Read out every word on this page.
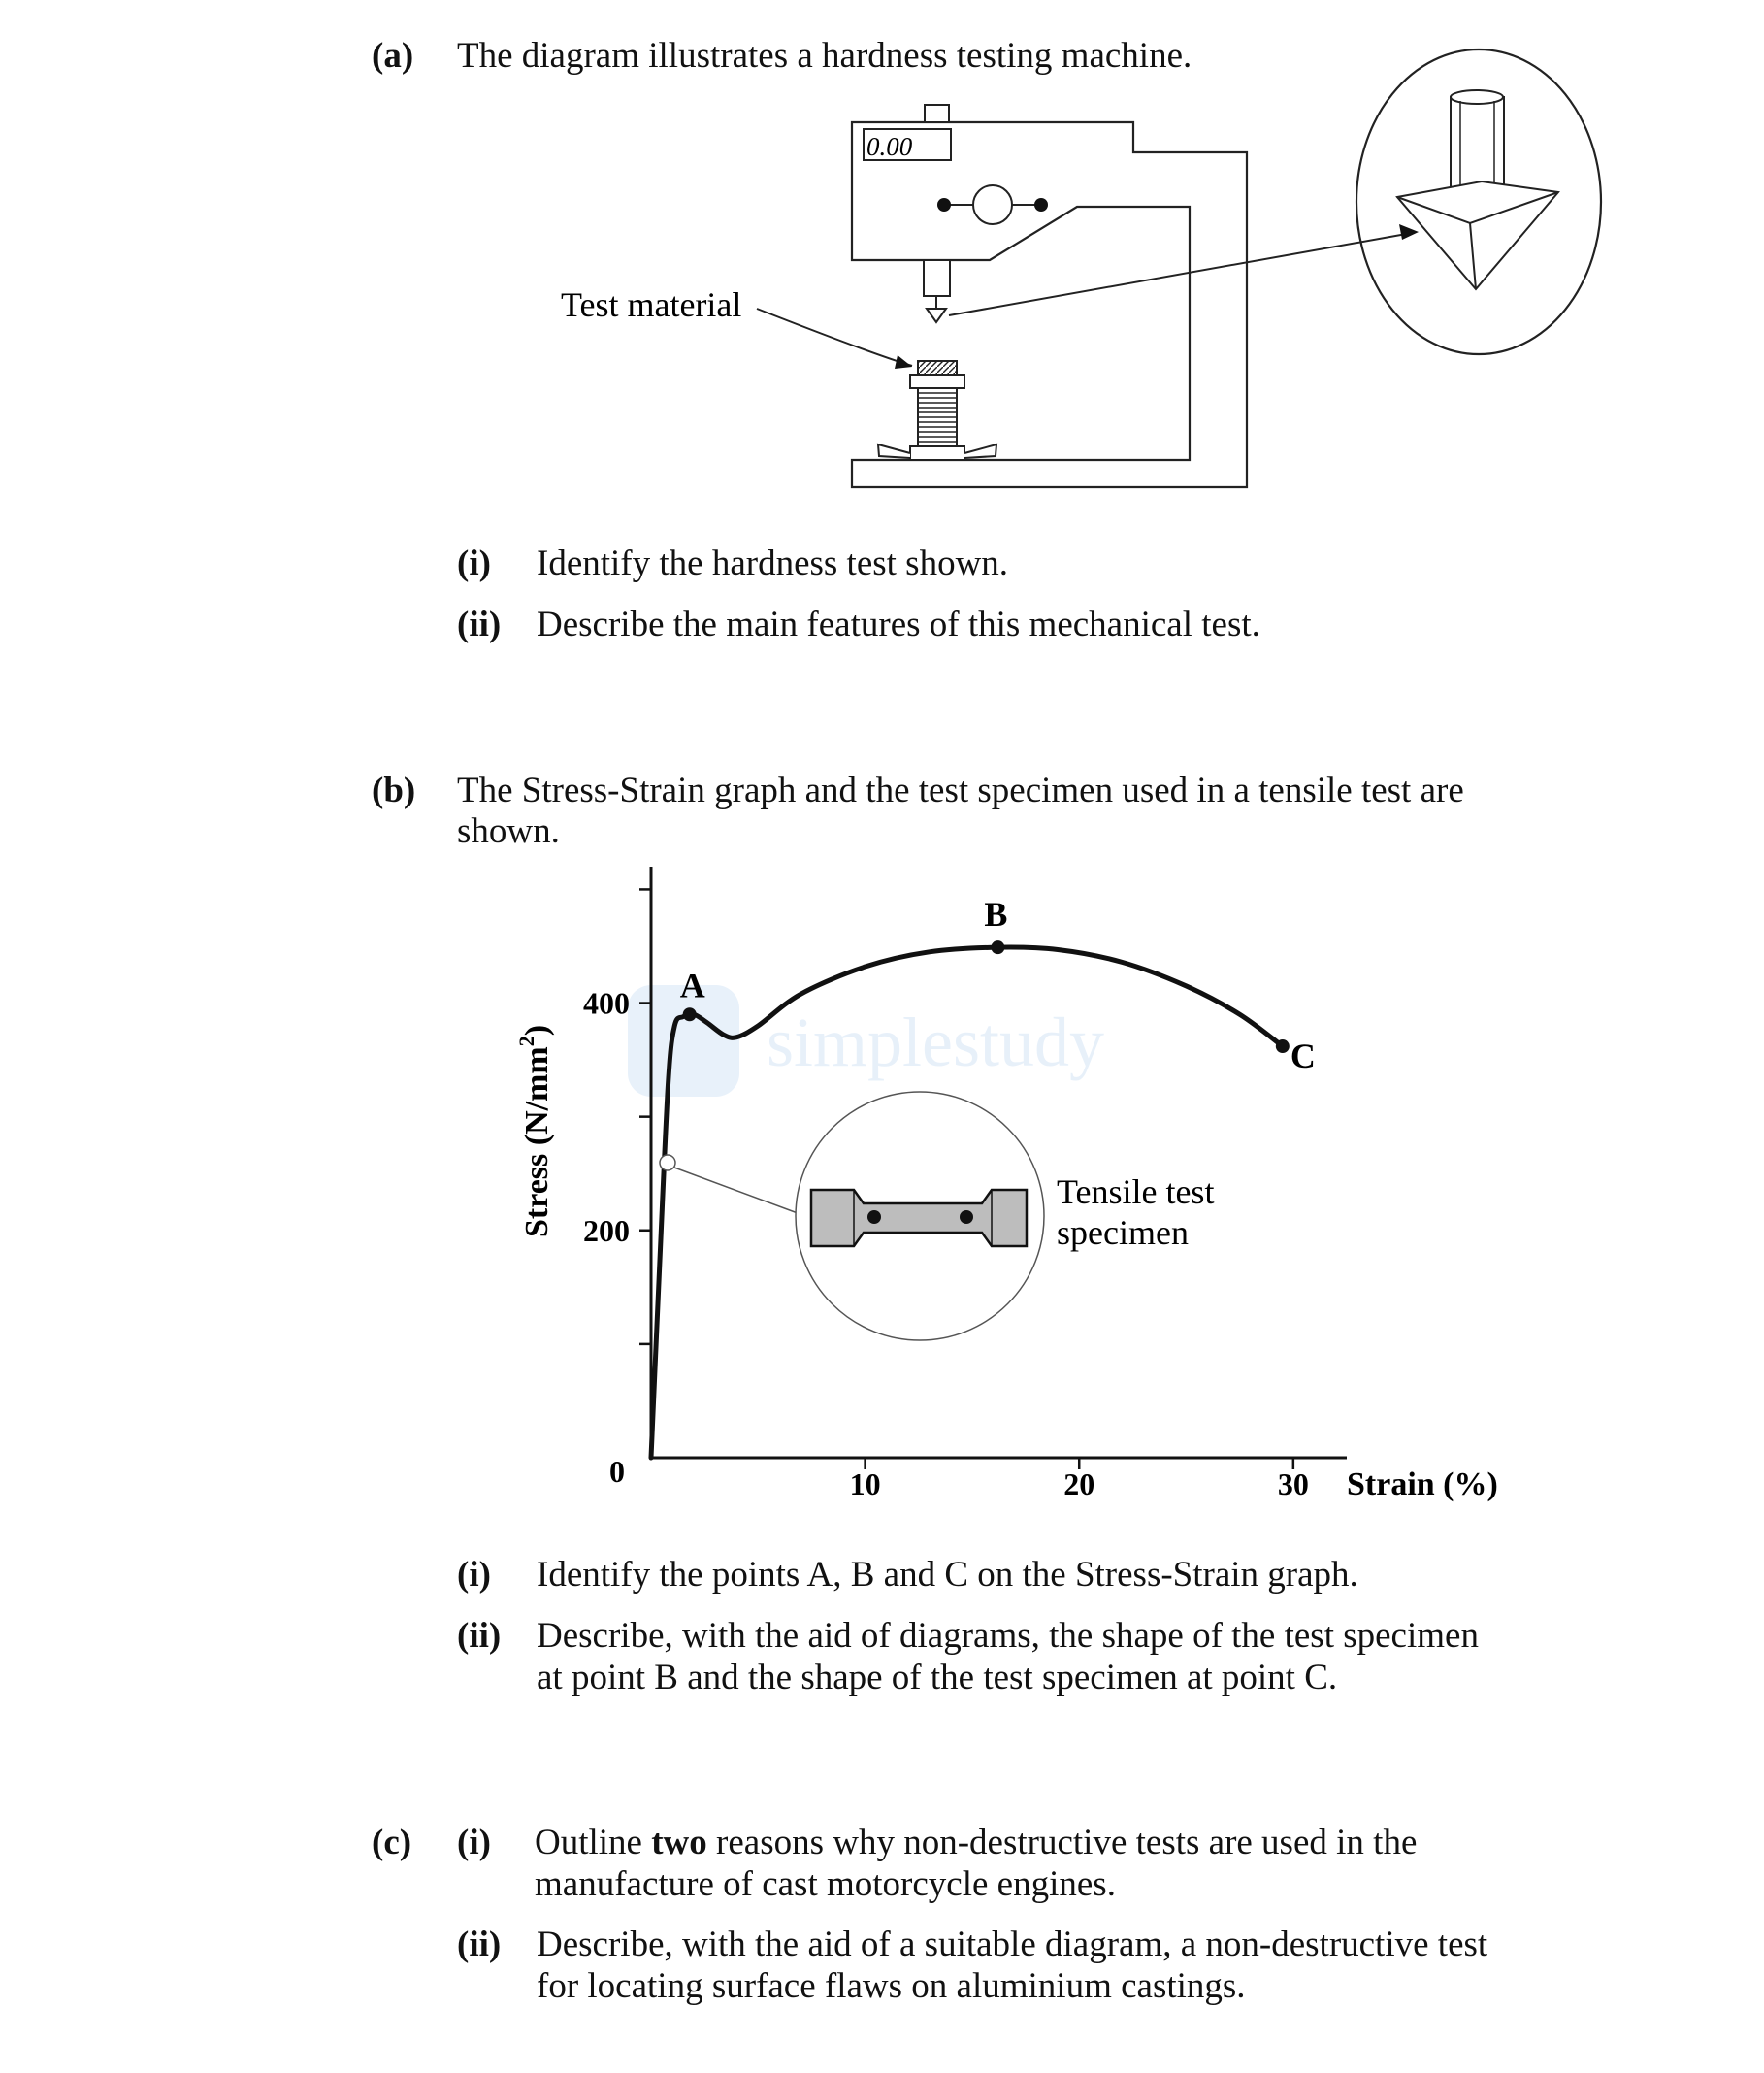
(a) The diagram illustrates a hardness testing machine.
0.00
Test material
(i) Identify the hardness test shown.
(ii) Describe the main features of this mechanical test.
(b) The Stress-Strain graph and the test specimen used in a tensile test are
shown.
simplestudy
0
200
400
10	20	30 Strain (%)
Stress $(N/mm^2)$
A
B
C
Tensile test
specimen
(i) Identify the points A, B and C on the Stress-Strain graph.
(ii) Describe, with the aid of diagrams, the shape of the test specimen
at point B and the shape of the test specimen at point C.
(c) (i) Outline two reasons why non-destructive tests are used in the
manufacture of cast motorcycle engines.
(ii) Describe, with the aid of a suitable diagram, a non-destructive test
for locating surface flaws on aluminium castings.
